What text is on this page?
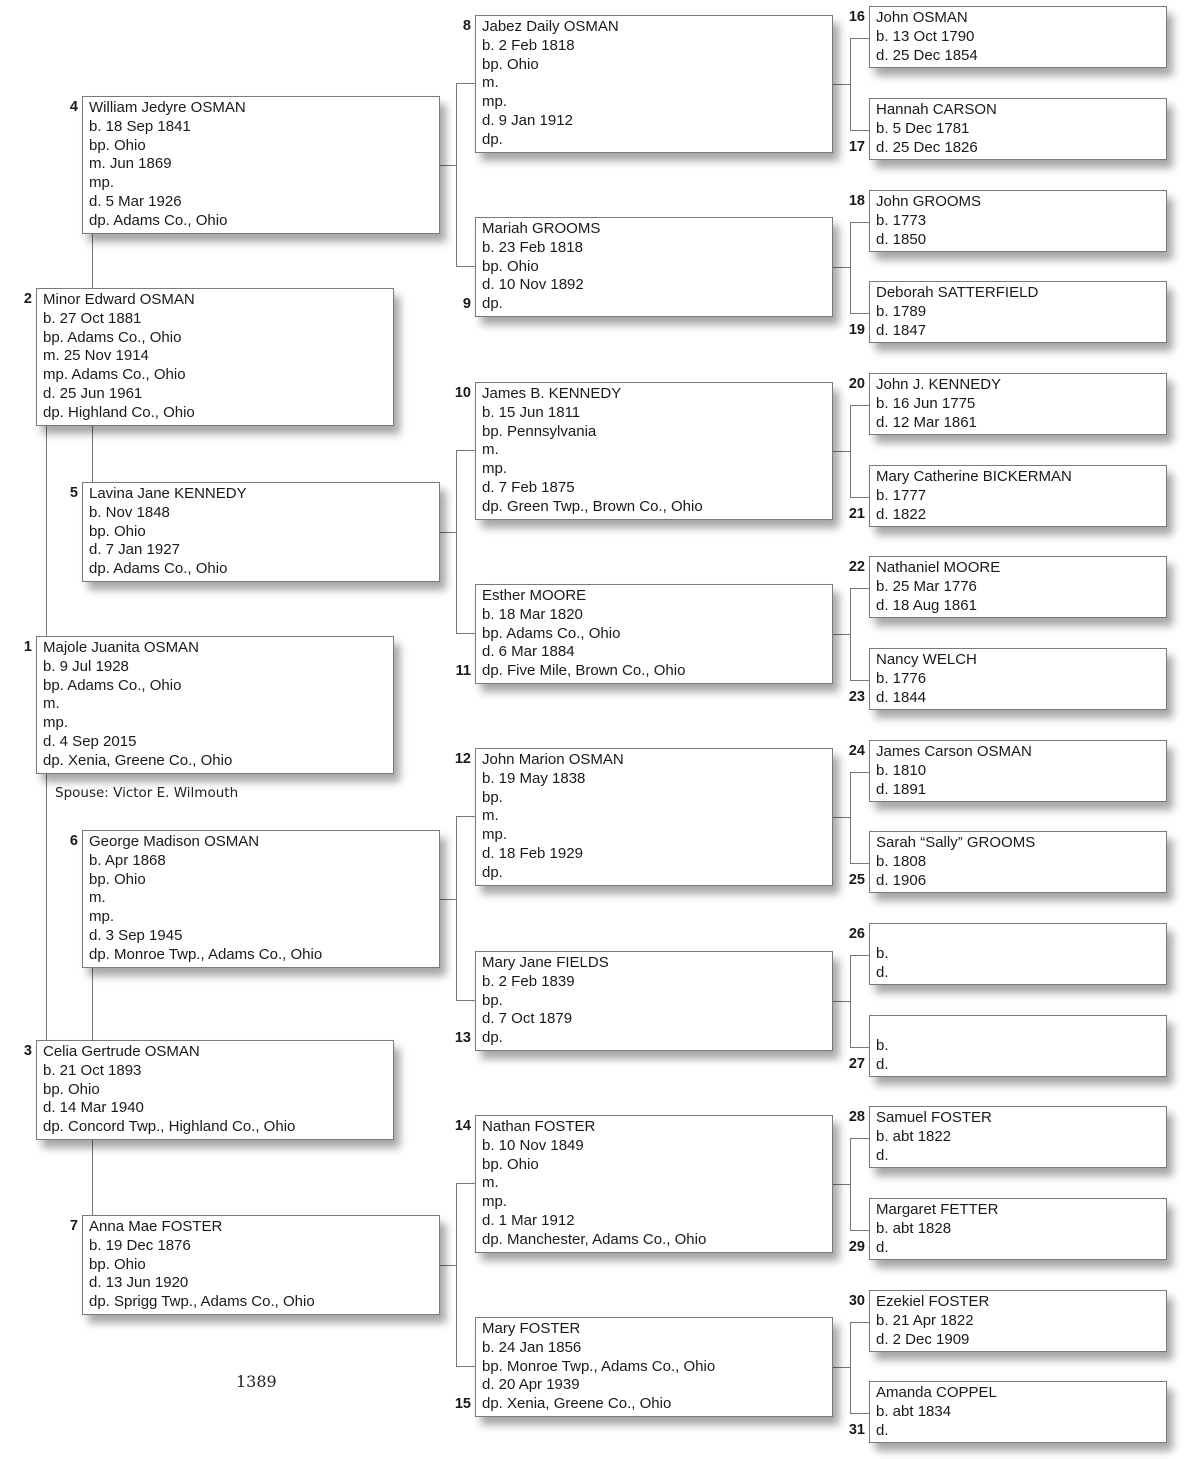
Majole Juanita OSMAN
b. 9 Jul 1928
bp. Adams Co., Ohio
m.
mp.
d. 4 Sep 2015
dp. Xenia, Greene Co., Ohio
1
Minor Edward OSMAN
b. 27 Oct 1881
bp. Adams Co., Ohio
m. 25 Nov 1914
mp. Adams Co., Ohio
d. 25 Jun 1961
dp. Highland Co., Ohio
2
Celia Gertrude OSMAN
b. 21 Oct 1893
bp. Ohio
d. 14 Mar 1940
dp. Concord Twp., Highland Co., Ohio
3
William Jedyre OSMAN
b. 18 Sep 1841
bp. Ohio
m. Jun 1869
mp.
d. 5 Mar 1926
dp. Adams Co., Ohio
4
Lavina Jane KENNEDY
b. Nov 1848
bp. Ohio
d. 7 Jan 1927
dp. Adams Co., Ohio
5
George Madison OSMAN
b. Apr 1868
bp. Ohio
m.
mp.
d. 3 Sep 1945
dp. Monroe Twp., Adams Co., Ohio
6
Anna Mae FOSTER
b. 19 Dec 1876
bp. Ohio
d. 13 Jun 1920
dp. Sprigg Twp., Adams Co., Ohio
7
Jabez Daily OSMAN
b. 2 Feb 1818
bp. Ohio
m.
mp.
d. 9 Jan 1912
dp.
8
Mariah GROOMS
b. 23 Feb 1818
bp. Ohio
d. 10 Nov 1892
dp.
9
James B. KENNEDY
b. 15 Jun 1811
bp. Pennsylvania
m.
mp.
d. 7 Feb 1875
dp. Green Twp., Brown Co., Ohio
10
Esther MOORE
b. 18 Mar 1820
bp. Adams Co., Ohio
d. 6 Mar 1884
dp. Five Mile, Brown Co., Ohio
11
John Marion OSMAN
b. 19 May 1838
bp.
m.
mp.
d. 18 Feb 1929
dp.
12
Mary Jane FIELDS
b. 2 Feb 1839
bp.
d. 7 Oct 1879
dp.
13
Nathan FOSTER
b. 10 Nov 1849
bp. Ohio
m.
mp.
d. 1 Mar 1912
dp. Manchester, Adams Co., Ohio
14
Mary FOSTER
b. 24 Jan 1856
bp. Monroe Twp., Adams Co., Ohio
d. 20 Apr 1939
dp. Xenia, Greene Co., Ohio
15
John OSMAN
b. 13 Oct 1790
d. 25 Dec 1854
16
Hannah CARSON
b. 5 Dec 1781
d. 25 Dec 1826
17
John GROOMS
b. 1773
d. 1850
18
Deborah SATTERFIELD
b. 1789
d. 1847
19
John J. KENNEDY
b. 16 Jun 1775
d. 12 Mar 1861
20
Mary Catherine BICKERMAN
b. 1777
d. 1822
21
Nathaniel MOORE
b. 25 Mar 1776
d. 18 Aug 1861
22
Nancy WELCH
b. 1776
d. 1844
23
James Carson OSMAN
b. 1810
d. 1891
24
Sarah “Sally” GROOMS
b. 1808
d. 1906
25

b.
d.
26

b.
d.
27
Samuel FOSTER
b. abt 1822
d.
28
Margaret FETTER
b. abt 1828
d.
29
Ezekiel FOSTER
b. 21 Apr 1822
d. 2 Dec 1909
30
Amanda COPPEL
b. abt 1834
d.
31
Spouse: Victor E. Wilmouth
1389
